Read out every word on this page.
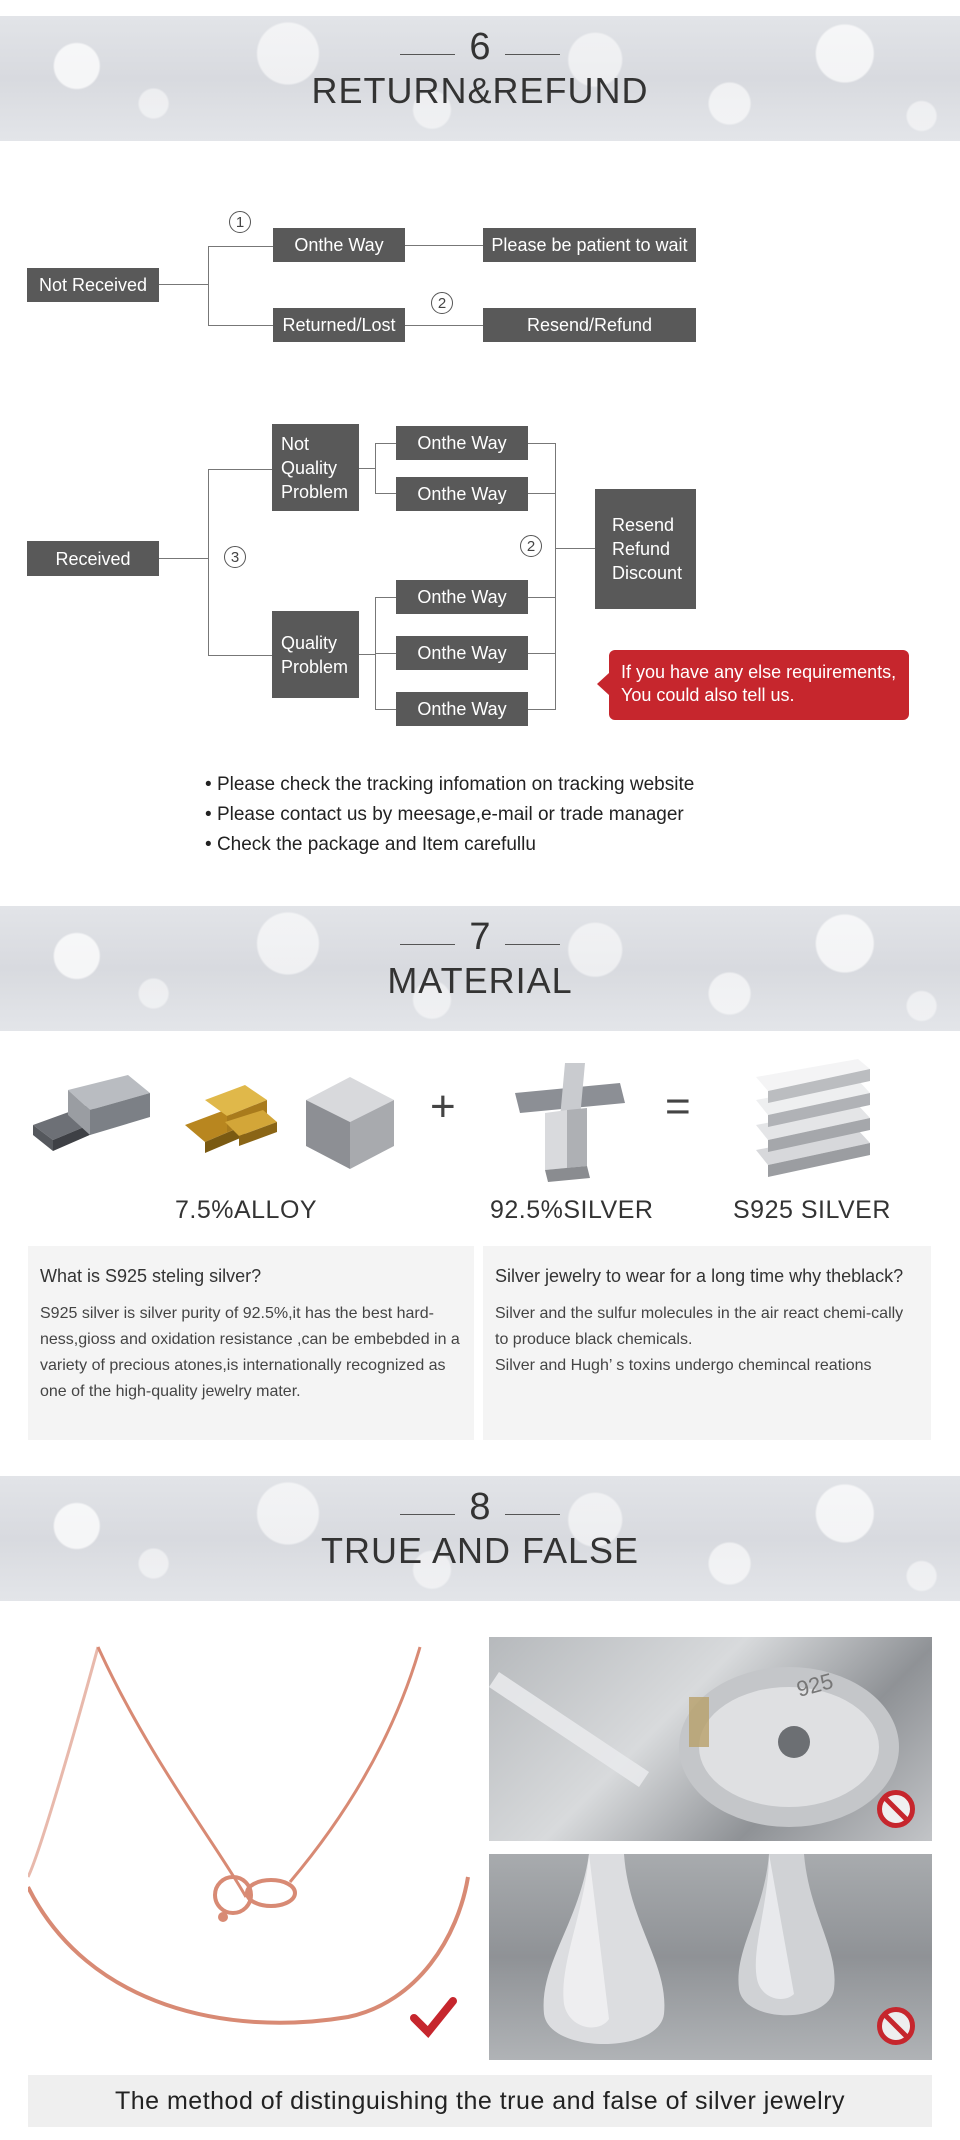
6
RETURN&REFUND
Not Received
1
Onthe Way	Please be patient to wait
Returned/Lost
2
Resend/Refund
Received	3
Not Quality Problem
Quality Problem
Onthe Way
Onthe Way
Onthe Way
Onthe Way
Onthe Way
2
Resend Refund Discount
If you have any else requirements, You could also tell us.
• Please check the tracking infomation on tracking website
• Please contact us by meesage,e-mail or trade manager
• Check the package and Item carefullu
7
MATERIAL
+	=
7.5%ALLOY	92.5%SILVER	S925 SILVER
What is S925 steling silver?
S925 silver is silver purity of 92.5%,it has the best hard-ness,gioss and oxidation resistance ,can be embebded in a variety of precious atones,is internationally recognized as one of the high-quality jewelry mater.
Silver jewelry to wear for a long time why theblack?
Silver and the sulfur molecules in the air react chemi-cally to produce black chemicals.
Silver and Hugh’ s toxins undergo chemincal reations
8
TRUE AND FALSE
925
The method of distinguishing the true and false of silver jewelry
